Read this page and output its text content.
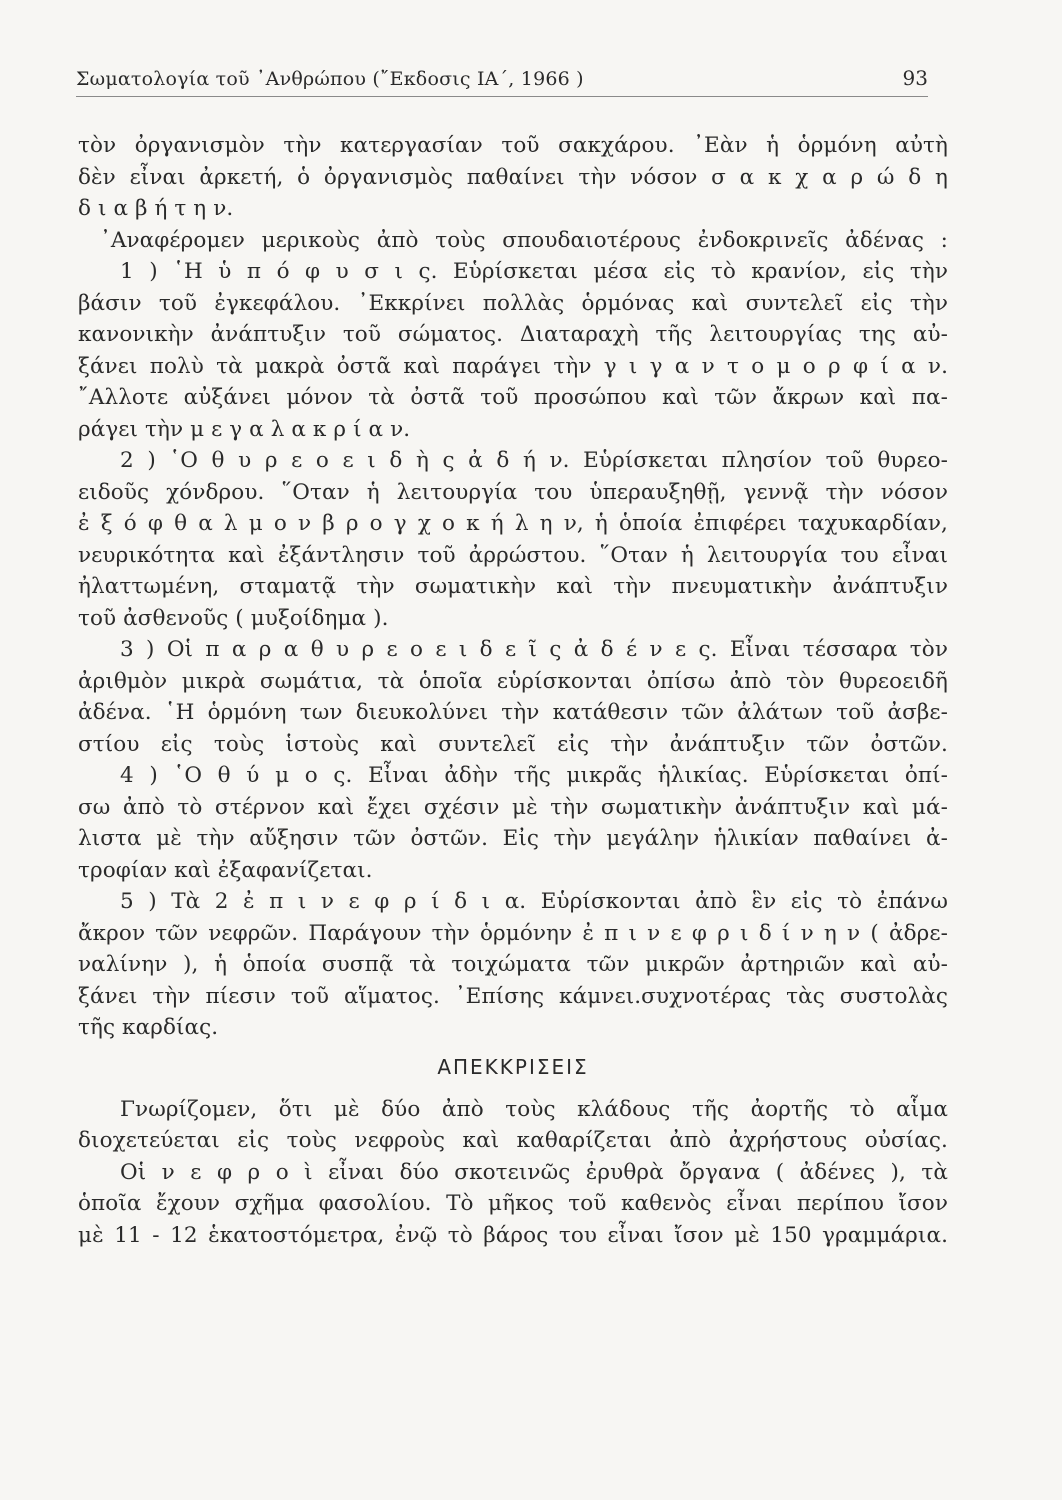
Σωματολογία τοῦ ᾿Ανθρώπου (῎Εκδοσις ΙΑ΄, 1966 )	93
τὸν ὀργανισμὸν τὴν κατεργασίαν τοῦ σακχάρου. ᾿Εὰν ἡ ὁρμόνη αὐτὴ
δὲν εἶναι ἀρκετή, ὁ ὀργανισμὸς παθαίνει τὴν νόσον σ α κ χ α ρ ώ δ η
δ ι α β ή τ η ν.
᾿Αναφέρομεν μερικοὺς ἀπὸ τοὺς σπουδαιοτέρους ἐνδοκρινεῖς ἀδένας :
1 ) ῾Η ὑ π ό φ υ σ ι ς. Εὑρίσκεται μέσα εἰς τὸ κρανίον, εἰς τὴν
βάσιν τοῦ ἐγκεφάλου. ᾿Εκκρίνει πολλὰς ὁρμόνας καὶ συντελεῖ εἰς τὴν
κανονικὴν ἀνάπτυξιν τοῦ σώματος. Διαταραχὴ τῆς λειτουργίας της αὐ-
ξάνει πολὺ τὰ μακρὰ ὀστᾶ καὶ παράγει τὴν γ ι γ α ν τ ο μ ο ρ φ ί α ν.
῎Αλλοτε αὐξάνει μόνον τὰ ὀστᾶ τοῦ προσώπου καὶ τῶν ἄκρων καὶ πα-
ράγει τὴν μ ε γ α λ α κ ρ ί α ν.
2 ) ῾Ο θ υ ρ ε ο ε ι δ ὴ ς ἀ δ ή ν. Εὑρίσκεται πλησίον τοῦ θυρεο-
ειδοῦς χόνδρου. ῞Οταν ἡ λειτουργία του ὑπεραυξηθῇ, γεννᾷ τὴν νόσον
ἐ ξ ό φ θ α λ μ ο ν β ρ ο γ χ ο κ ή λ η ν, ἡ ὁποία ἐπιφέρει ταχυκαρδίαν,
νευρικότητα καὶ ἐξάντλησιν τοῦ ἀρρώστου. ῞Οταν ἡ λειτουργία του εἶναι
ἠλαττωμένη, σταματᾷ τὴν σωματικὴν καὶ τὴν πνευματικὴν ἀνάπτυξιν
τοῦ ἀσθενοῦς ( μυξοίδημα ).
3 ) Οἱ π α ρ α θ υ ρ ε ο ε ι δ ε ῖ ς ἀ δ έ ν ε ς. Εἶναι τέσσαρα τὸν
ἀριθμὸν μικρὰ σωμάτια, τὰ ὁποῖα εὑρίσκονται ὀπίσω ἀπὸ τὸν θυρεοειδῆ
ἀδένα. ῾Η ὁρμόνη των διευκολύνει τὴν κατάθεσιν τῶν ἀλάτων τοῦ ἀσβε-
στίου εἰς τοὺς ἱστοὺς καὶ συντελεῖ εἰς τὴν ἀνάπτυξιν τῶν ὀστῶν.
4 ) ῾Ο θ ύ μ ο ς. Εἶναι ἀδὴν τῆς μικρᾶς ἡλικίας. Εὑρίσκεται ὀπί-
σω ἀπὸ τὸ στέρνον καὶ ἔχει σχέσιν μὲ τὴν σωματικὴν ἀνάπτυξιν καὶ μά-
λιστα μὲ τὴν αὔξησιν τῶν ὀστῶν. Εἰς τὴν μεγάλην ἡλικίαν παθαίνει ἀ-
τροφίαν καὶ ἐξαφανίζεται.
5 ) Τὰ 2 ἐ π ι ν ε φ ρ ί δ ι α. Εὑρίσκονται ἀπὸ ἓν εἰς τὸ ἐπάνω
ἄκρον τῶν νεφρῶν. Παράγουν τὴν ὁρμόνην ἐ π ι ν ε φ ρ ι δ ί ν η ν ( ἀδρε-
ναλίνην ), ἡ ὁποία συσπᾷ τὰ τοιχώματα τῶν μικρῶν ἀρτηριῶν καὶ αὐ-
ξάνει τὴν πίεσιν τοῦ αἵματος. ᾿Επίσης κάμνει.συχνοτέρας τὰς συστολὰς
τῆς καρδίας.
ΑΠΕΚΚΡΙΣΕΙΣ
Γνωρίζομεν, ὅτι μὲ δύο ἀπὸ τοὺς κλάδους τῆς ἀορτῆς τὸ αἷμα
διοχετεύεται εἰς τοὺς νεφροὺς καὶ καθαρίζεται ἀπὸ ἀχρήστους οὐσίας.
Οἱ ν ε φ ρ ο ὶ εἶναι δύο σκοτεινῶς ἐρυθρὰ ὄργανα ( ἀδένες ), τὰ
ὁποῖα ἔχουν σχῆμα φασολίου. Τὸ μῆκος τοῦ καθενὸς εἶναι περίπου ἴσον
μὲ 11 - 12 ἑκατοστόμετρα, ἐνῷ τὸ βάρος του εἶναι ἴσον μὲ 150 γραμμάρια.
